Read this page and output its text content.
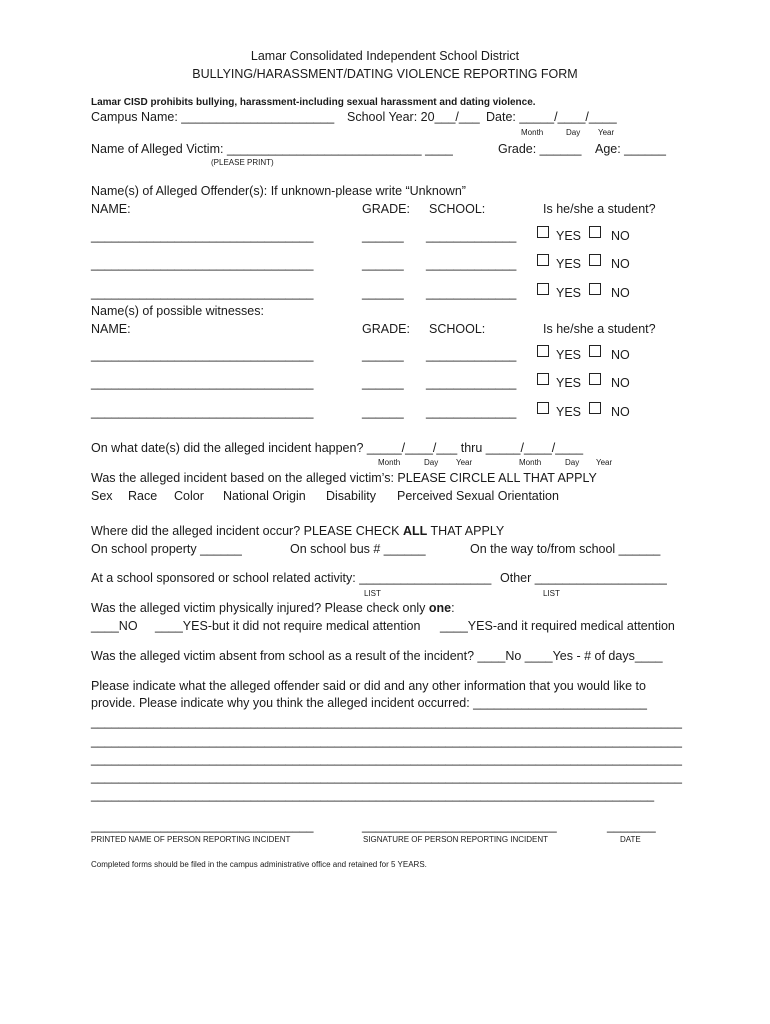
Lamar Consolidated Independent School District
BULLYING/HARASSMENT/DATING VIOLENCE REPORTING FORM
Lamar CISD prohibits bullying, harassment-including sexual harassment and dating violence.
Campus Name: ______________________ School Year: 20___/___ Date: _____/____/____
Month	Day Year
Name of Alleged Victim: ____________________________ ____
(PLEASE PRINT)
Grade: ______ Age: ______
Name(s) of Alleged Offender(s): If unknown-please write “Unknown”
NAME:	GRADE: SCHOOL:	Is he/she a student?
________________________________	______ _____________	YES NO
________________________________	______ _____________	YES NO
________________________________	______ _____________	YES NO
Name(s) of possible witnesses:
NAME:	GRADE: SCHOOL:	Is he/she a student?
________________________________	______ _____________	YES NO
________________________________	______ _____________	YES NO
________________________________	______ _____________	YES NO
On what date(s) did the alleged incident happen? _____/____/___ thru _____/____/____
Month	Day Year	Month	Day Year
Was the alleged incident based on the alleged victim’s: PLEASE CIRCLE ALL THAT APPLY
Sex Race Color National Origin Disability Perceived Sexual Orientation
Where did the alleged incident occur? PLEASE CHECK ALL THAT APPLY
On school property ______	On school bus # ______	On the way to/from school ______
At a school sponsored or school related activity: ___________________ Other ___________________
LIST	LIST
Was the alleged victim physically injured? Please check only one:
____NO ____YES-but it did not require medical attention ____YES-and it required medical attention
Was the alleged victim absent from school as a result of the incident? ____No ____Yes - # of days____
Please indicate what the alleged offender said or did and any other information that you would like to
provide. Please indicate why you think the alleged incident occurred: _________________________
_____________________________________________________________________________________
_____________________________________________________________________________________
_____________________________________________________________________________________
_____________________________________________________________________________________
_________________________________________________________________________________
________________________________	____________________________	_______
PRINTED NAME OF PERSON REPORTING INCIDENT	SIGNATURE OF PERSON REPORTING INCIDENT	DATE
Completed forms should be filed in the campus administrative office and retained for 5 YEARS.
